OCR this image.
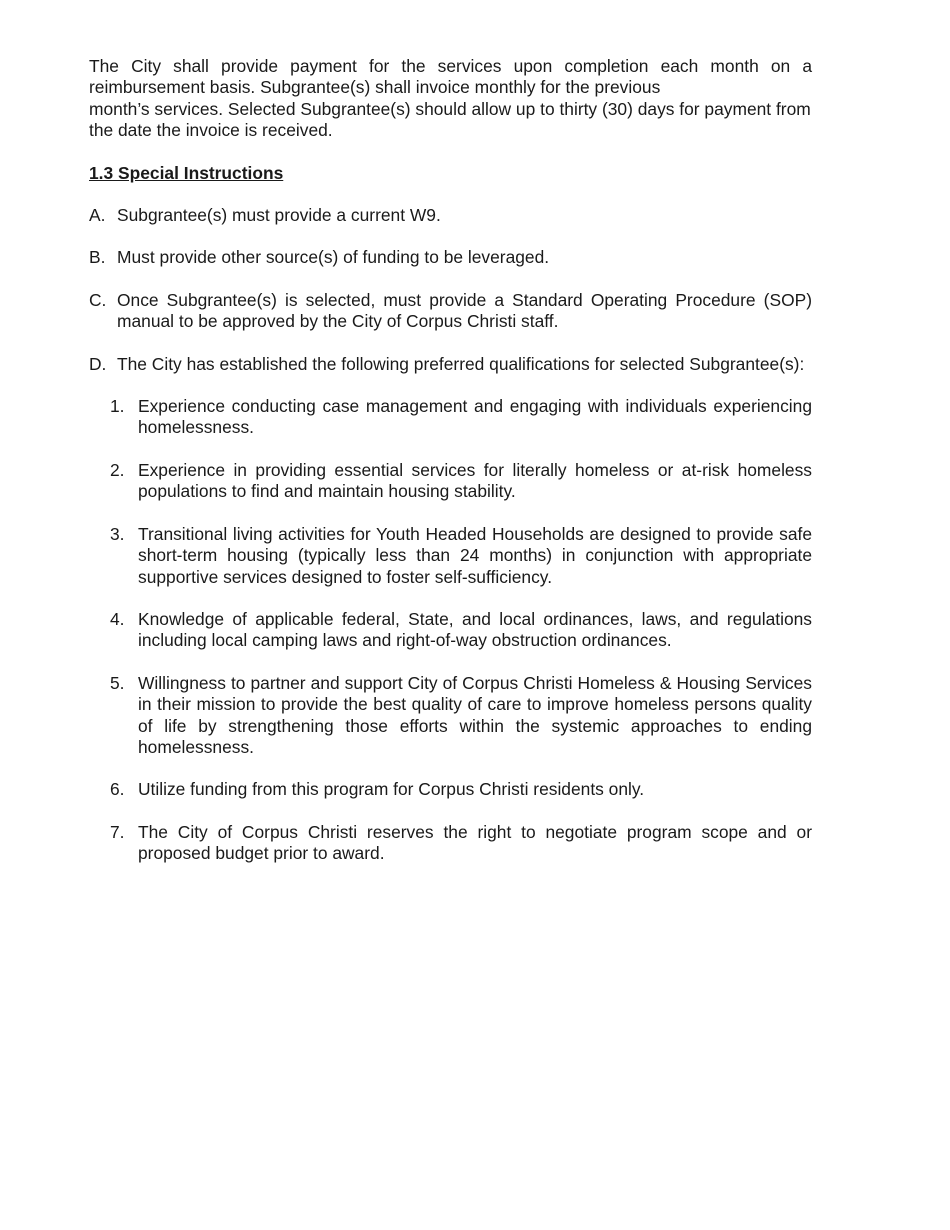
The City shall provide payment for the services upon completion each month on a
reimbursement basis. Subgrantee(s) shall invoice monthly for the previous
month’s services. Selected Subgrantee(s) should allow up to thirty (30) days for payment from the date the invoice is received.

1.3 Special Instructions

A. Subgrantee(s) must provide a current W9.

B. Must provide other source(s) of funding to be leveraged.

C. Once Subgrantee(s) is selected, must provide a Standard Operating Procedure (SOP) manual to be approved by the City of Corpus Christi staff.

D. The City has established the following preferred qualifications for selected Subgrantee(s):

1. Experience conducting case management and engaging with individuals experiencing homelessness.

2. Experience in providing essential services for literally homeless or at-risk homeless populations to find and maintain housing stability.

3. Transitional living activities for Youth Headed Households are designed to provide safe short-term housing (typically less than 24 months) in conjunction with appropriate supportive services designed to foster self-sufficiency.

4. Knowledge of applicable federal, State, and local ordinances, laws, and regulations including local camping laws and right-of-way obstruction ordinances.

5. Willingness to partner and support City of Corpus Christi Homeless & Housing Services in their mission to provide the best quality of care to improve homeless persons quality of life by strengthening those efforts within the systemic approaches to ending homelessness.

6. Utilize funding from this program for Corpus Christi residents only.

7. The City of Corpus Christi reserves the right to negotiate program scope and or proposed budget prior to award.
